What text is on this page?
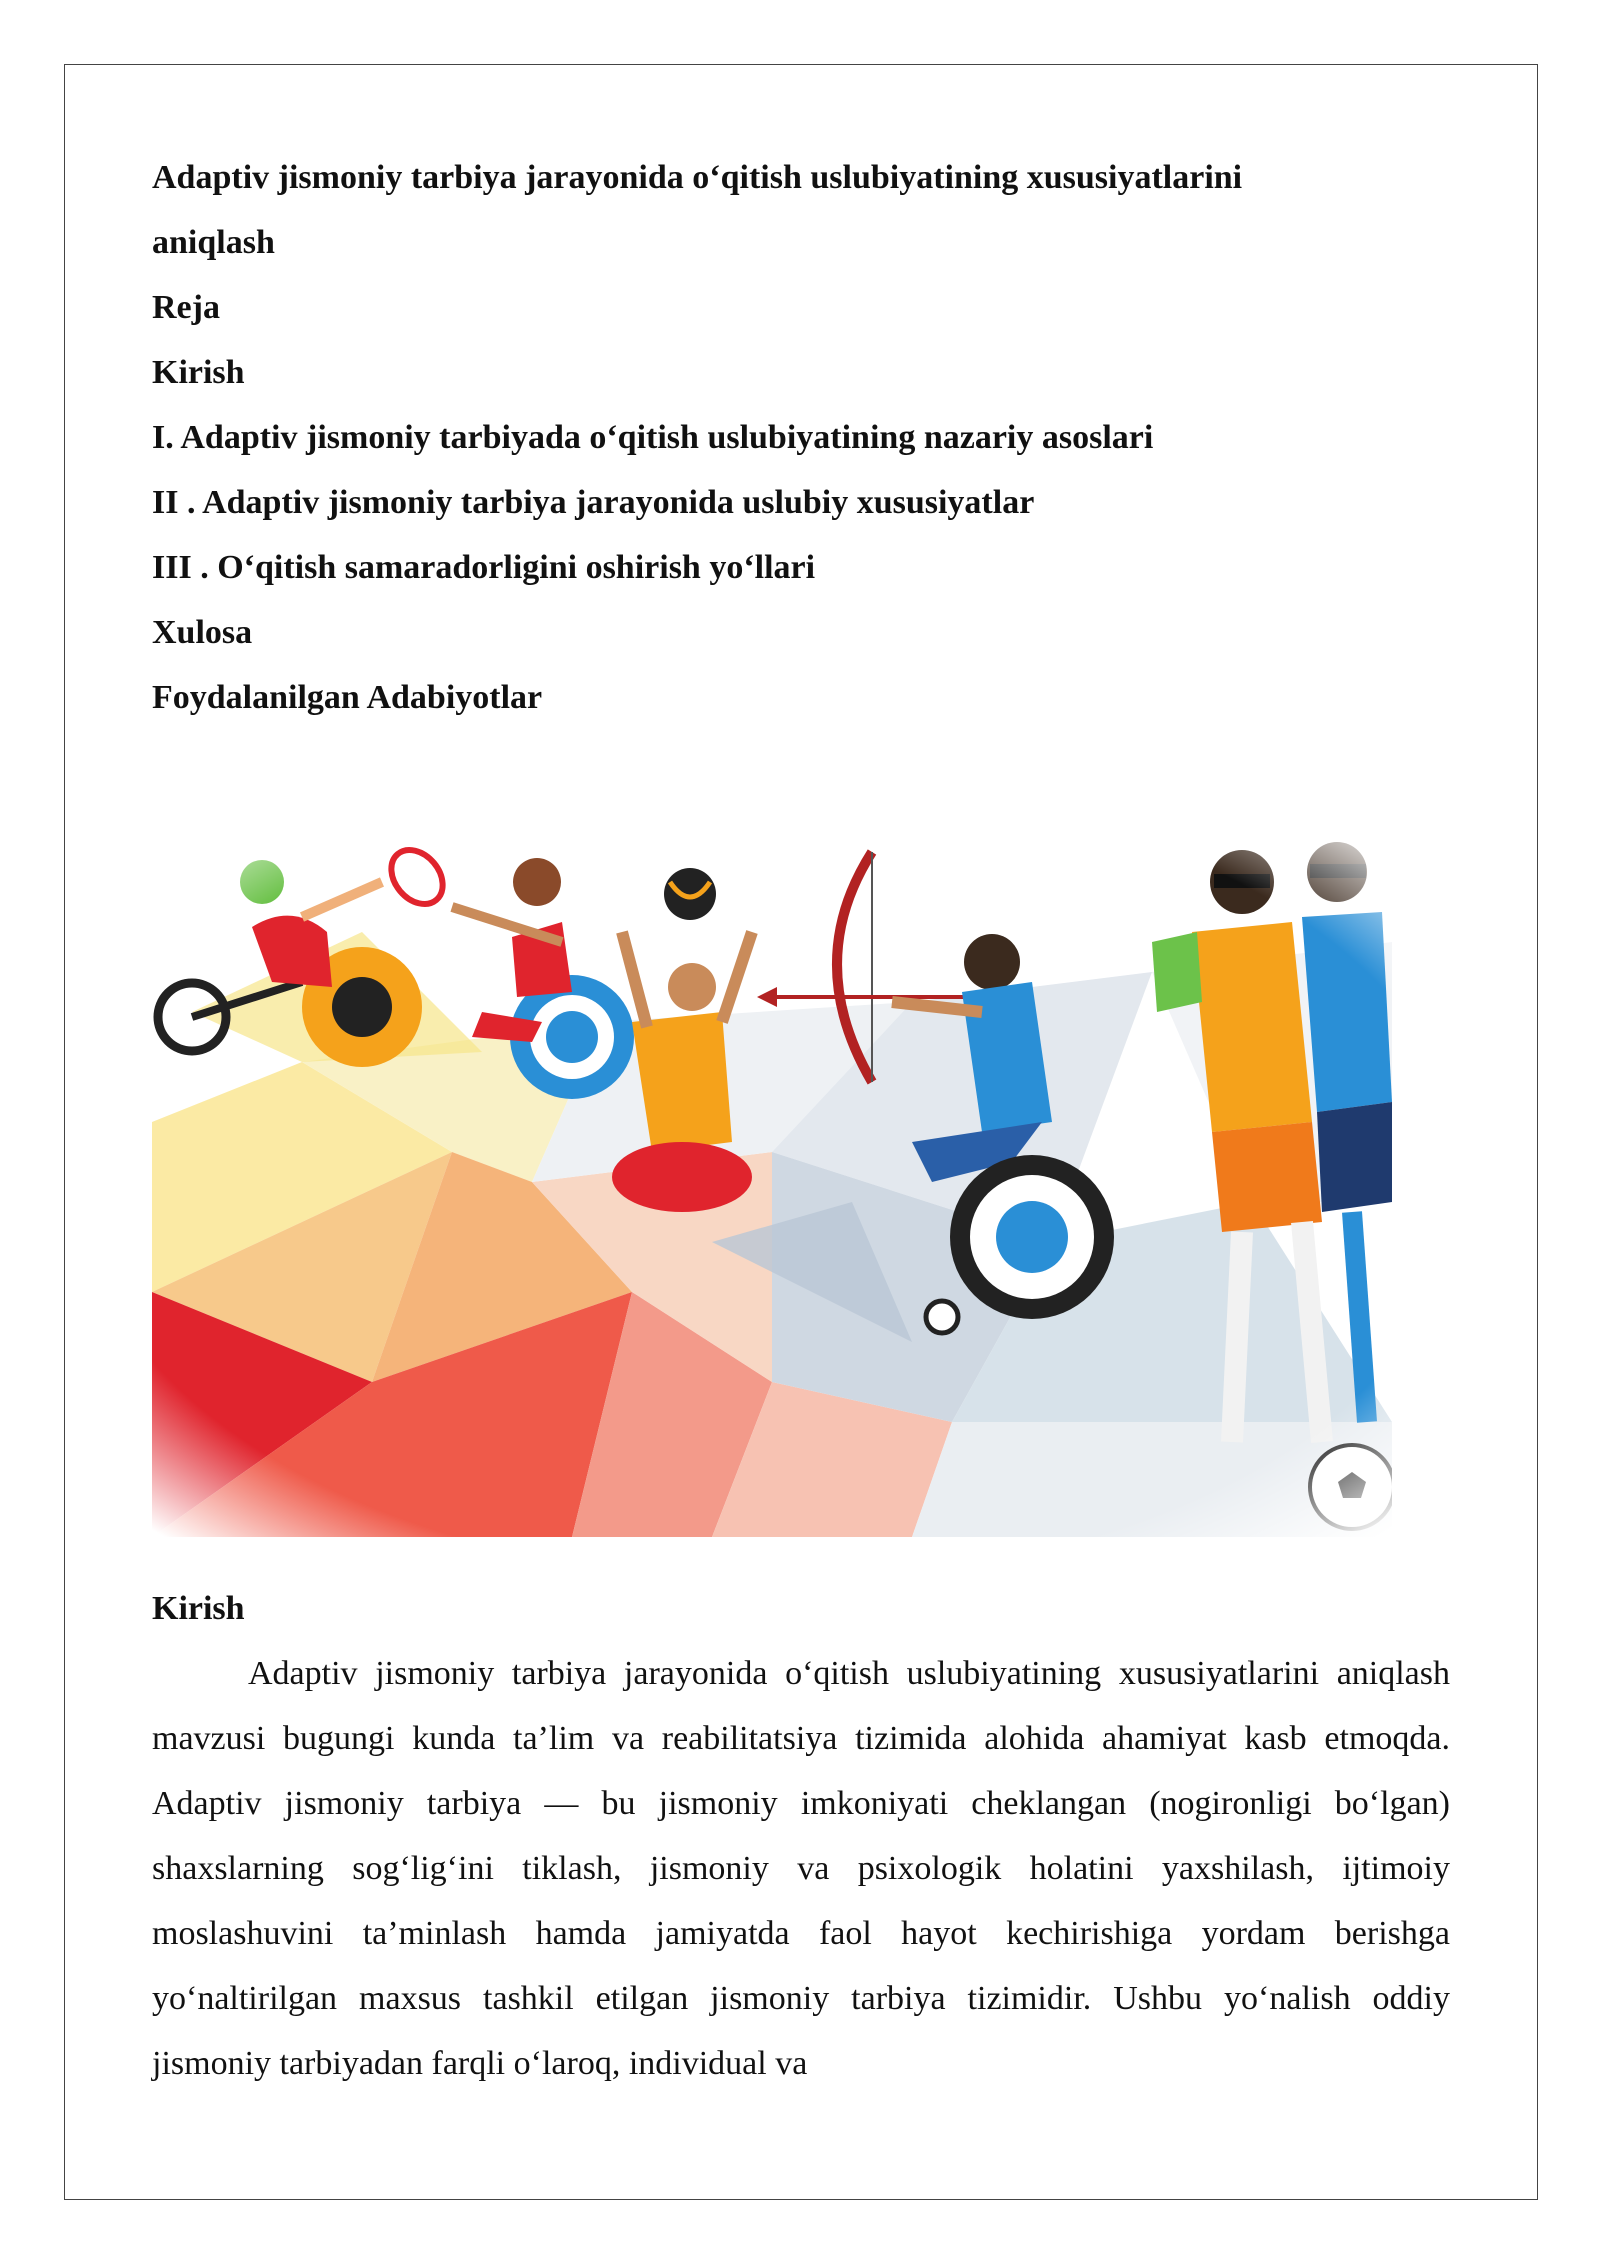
Adaptiv jismoniy tarbiya jarayonida o‘qitish uslubiyatining xususiyatlarini

aniqlash

Reja

Kirish

I. Adaptiv jismoniy tarbiyada o‘qitish uslubiyatining nazariy asoslari

II . Adaptiv jismoniy tarbiya jarayonida uslubiy xususiyatlar

III . O‘qitish samaradorligini oshirish yo‘llari

Xulosa

Foydalanilgan Adabiyotlar

Kirish

Adaptiv jismoniy tarbiya jarayonida o‘qitish uslubiyatining xususiyatlarini aniqlash mavzusi bugungi kunda ta’lim va reabilitatsiya tizimida alohida ahamiyat kasb etmoqda. Adaptiv jismoniy tarbiya — bu jismoniy imkoniyati cheklangan (nogironligi bo‘lgan) shaxslarning sog‘lig‘ini tiklash, jismoniy va psixologik holatini yaxshilash, ijtimoiy moslashuvini ta’minlash hamda jamiyatda faol hayot kechirishiga yordam berishga yo‘naltirilgan maxsus tashkil etilgan jismoniy tarbiya tizimidir. Ushbu yo‘nalish oddiy jismoniy tarbiyadan farqli o‘laroq, individual va
